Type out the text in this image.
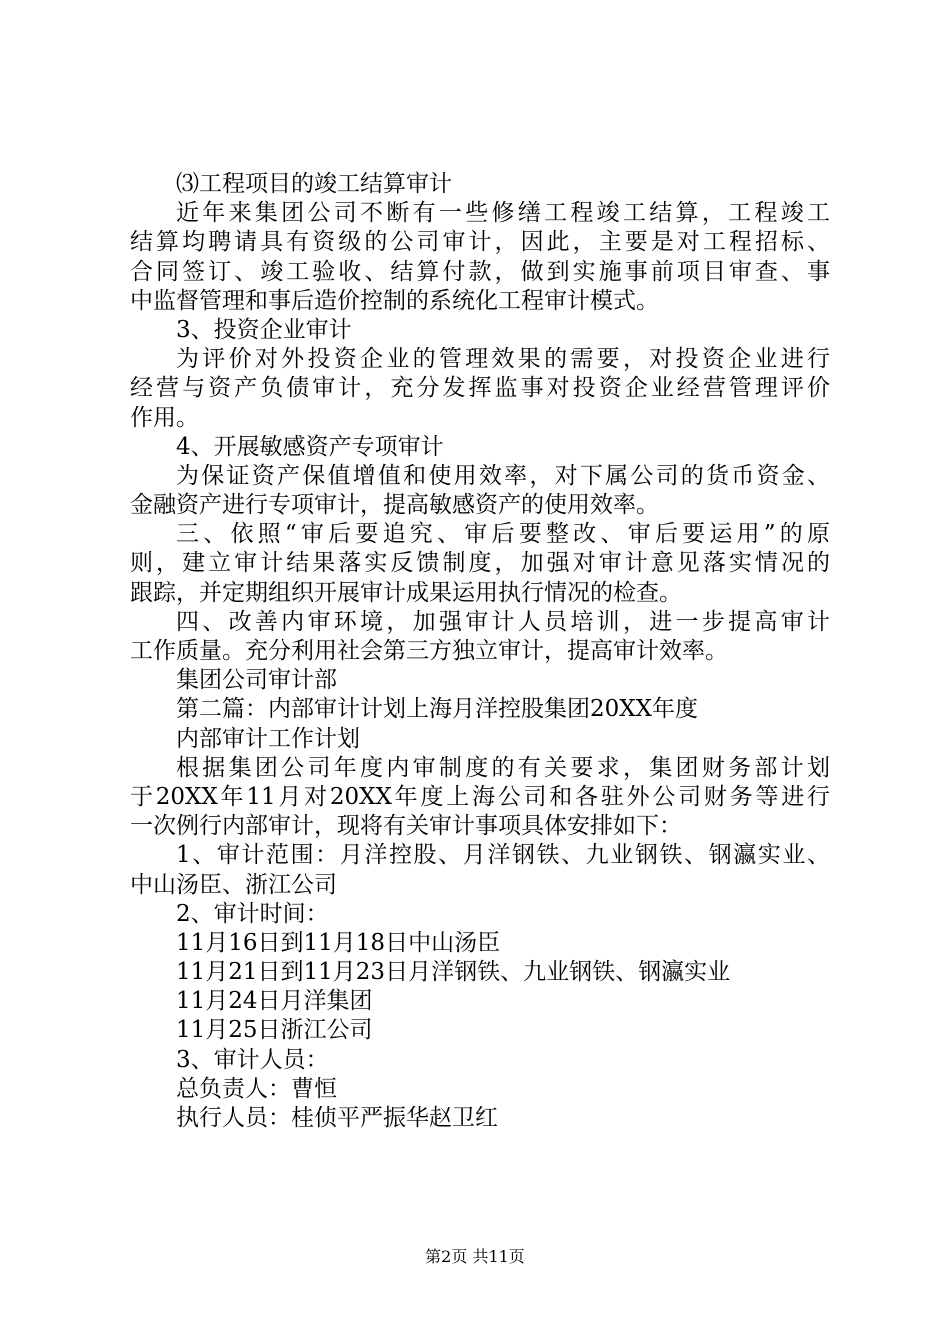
⑶工程项目的竣工结算审计
近年来集团公司不断有一些修缮工程竣工结算，工程竣工
结算均聘请具有资级的公司审计，因此，主要是对工程招标、
合同签订、竣工验收、结算付款，做到实施事前项目审查、事
中监督管理和事后造价控制的系统化工程审计模式。
3、投资企业审计
为评价对外投资企业的管理效果的需要，对投资企业进行
经营与资产负债审计，充分发挥监事对投资企业经营管理评价
作用。
4、开展敏感资产专项审计
为保证资产保值增值和使用效率，对下属公司的货币资金、
金融资产进行专项审计，提高敏感资产的使用效率。
三、依照“审后要追究、审后要整改、审后要运用”的原
则，建立审计结果落实反馈制度，加强对审计意见落实情况的
跟踪，并定期组织开展审计成果运用执行情况的检查。
四、改善内审环境，加强审计人员培训，进一步提高审计
工作质量。充分利用社会第三方独立审计，提高审计效率。
集团公司审计部
第二篇：内部审计计划上海月洋控股集团20XX年度
内部审计工作计划
根据集团公司年度内审制度的有关要求，集团财务部计划
于20XX年11月对20XX年度上海公司和各驻外公司财务等进行
一次例行内部审计，现将有关审计事项具体安排如下：
1、审计范围：月洋控股、月洋钢铁、九业钢铁、钢瀛实业、
中山汤臣、浙江公司
2、审计时间：
11月16日到11月18日中山汤臣
11月21日到11月23日月洋钢铁、九业钢铁、钢瀛实业
11月24日月洋集团
11月25日浙江公司
3、审计人员：
总负责人：曹恒
执行人员：桂侦平严振华赵卫红
第2页 共11页
